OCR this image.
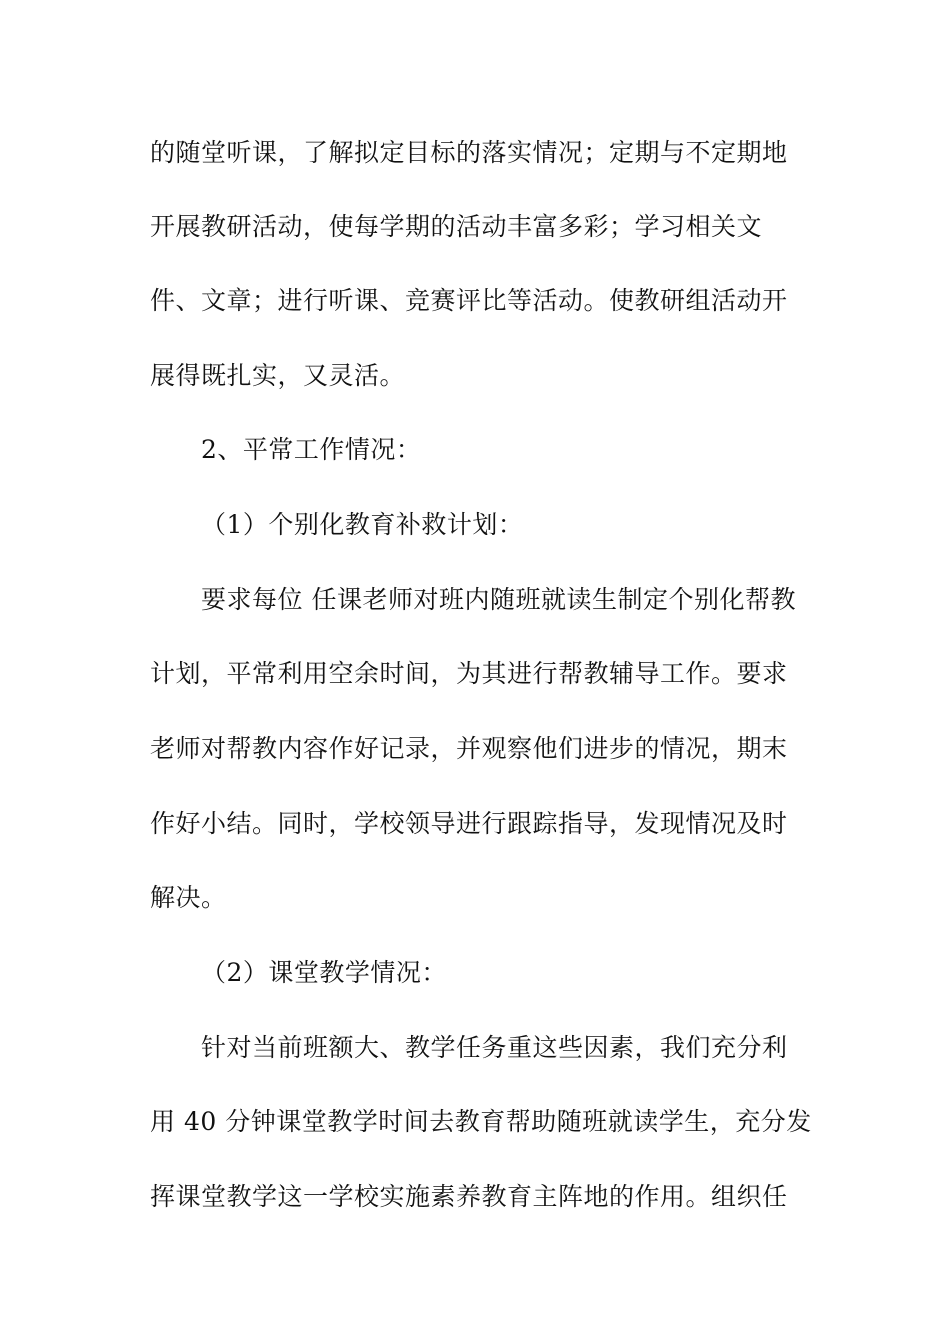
的随堂听课，了解拟定目标的落实情况；定期与不定期地
开展教研活动，使每学期的活动丰富多彩；学习相关文
件、文章；进行听课、竞赛评比等活动。使教研组活动开
展得既扎实，又灵活。
2、平常工作情况：
（1）个别化教育补救计划：
要求每位 任课老师对班内随班就读生制定个别化帮教
计划，平常利用空余时间，为其进行帮教辅导工作。要求
老师对帮教内容作好记录，并观察他们进步的情况，期末
作好小结。同时，学校领导进行跟踪指导，发现情况及时
解决。
（2）课堂教学情况：
针对当前班额大、教学任务重这些因素，我们充分利
用 40 分钟课堂教学时间去教育帮助随班就读学生，充分发
挥课堂教学这一学校实施素养教育主阵地的作用。组织任
